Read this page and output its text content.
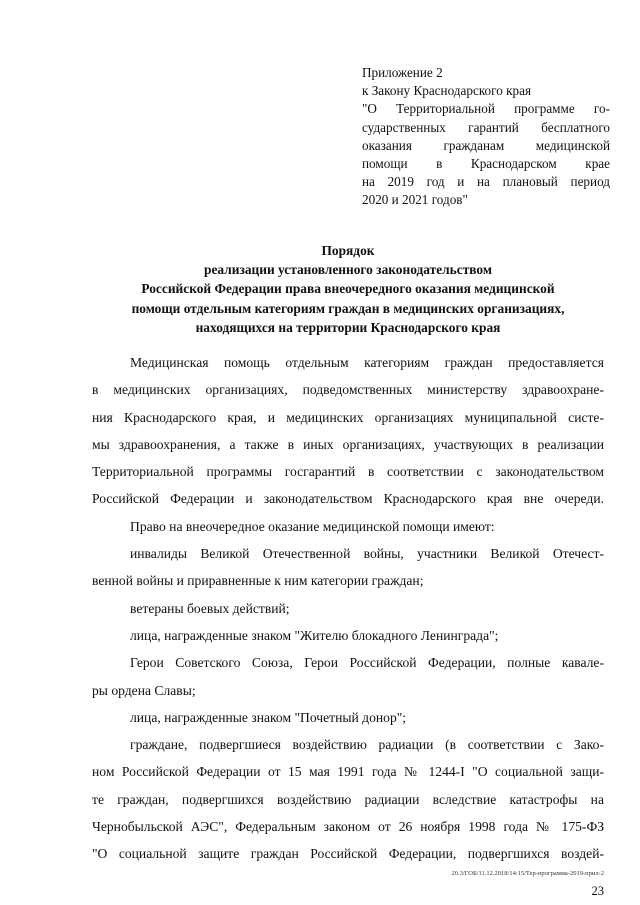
Приложение 2
к Закону Краснодарского края
"О Территориальной программе го-
сударственных гарантий бесплатного
оказания гражданам медицинской
помощи в Краснодарском крае
на 2019 год и на плановый период
2020 и 2021 годов"
Порядок
реализации установленного законодательством
Российской Федерации права внеочередного оказания медицинской
помощи отдельным категориям граждан в медицинских организациях,
находящихся на территории Краснодарского края
Медицинская помощь отдельным категориям граждан предоставляется
в медицинских организациях, подведомственных министерству здравоохране-
ния Краснодарского края, и медицинских организациях муниципальной систе-
мы здравоохранения, а также в иных организациях, участвующих в реализации
Территориальной программы госгарантий в соответствии с законодательством
Российской Федерации и законодательством Краснодарского края вне очереди.
Право на внеочередное оказание медицинской помощи имеют:
инвалиды Великой Отечественной войны, участники Великой Отечест-
венной войны и приравненные к ним категории граждан;
ветераны боевых действий;
лица, награжденные знаком "Жителю блокадного Ленинграда";
Герои Советского Союза, Герои Российской Федерации, полные кавале-
ры ордена Славы;
лица, награжденные знаком "Почетный донор";
граждане, подвергшиеся воздействию радиации (в соответствии с Зако-
ном Российской Федерации от 15 мая 1991 года № 1244-I "О социальной защи-
те граждан, подвергшихся воздействию радиации вследствие катастрофы на
Чернобыльской АЭС", Федеральным законом от 26 ноября 1998 года № 175-ФЗ
"О социальной защите граждан Российской Федерации, подвергшихся воздей-
20.3/ГОБ/11.12.2018/14:15/Тер-программа-2019-прил-2
23
